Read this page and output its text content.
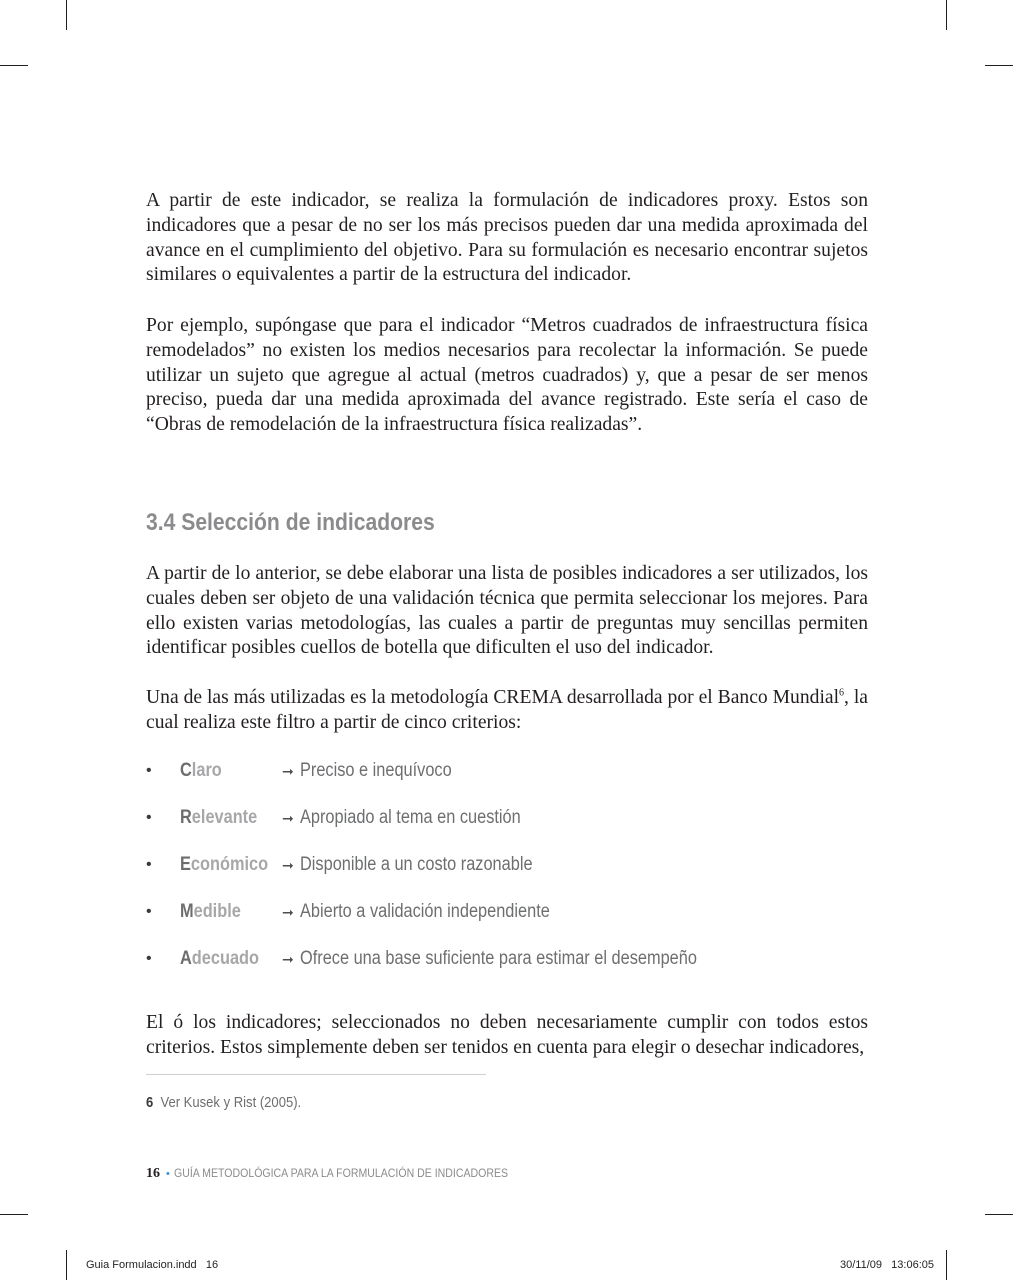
A partir de este indicador, se realiza la formulación de indicadores proxy. Estos son indicadores que a pesar de no ser los más precisos pueden dar una medida aproximada del avance en el cumplimiento del objetivo. Para su formulación es necesario encontrar sujetos similares o equivalentes a partir de la estructura del indicador.

Por ejemplo, supóngase que para el indicador “Metros cuadrados de infraestructura física remodelados” no existen los medios necesarios para recolectar la información. Se puede utilizar un sujeto que agregue al actual (metros cuadrados) y, que a pesar de ser menos preciso, pueda dar una medida aproximada del avance registrado. Este sería el caso de “Obras de remodelación de la infraestructura física realizadas”.

3.4 Selección de indicadores

A partir de lo anterior, se debe elaborar una lista de posibles indicadores a ser utilizados, los cuales deben ser objeto de una validación técnica que permita seleccionar los mejores. Para ello existen varias metodologías, las cuales a partir de preguntas muy sencillas permiten identificar posibles cuellos de botella que dificulten el uso del indicador.

Una de las más utilizadas es la metodología CREMA desarrollada por el Banco Mundial$^6$, la cual realiza este filtro a partir de cinco criterios:

• Claro	➞ Preciso e inequívoco
• Relevante ➞ Apropiado al tema en cuestión
• Económico ➞ Disponible a un costo razonable
• Medible	➞ Abierto a validación independiente
• Adecuado ➞ Ofrece una base suficiente para estimar el desempeño

El ó los indicadores; seleccionados no deben necesariamente cumplir con todos estos criterios. Estos simplemente deben ser tenidos en cuenta para elegir o desechar indicadores,

6 Ver Kusek y Rist (2005).
16 • GUÍA METODOLÓGICA PARA LA FORMULACIÓN DE INDICADORES
Guia Formulacion.indd   16	30/11/09   13:06:05
